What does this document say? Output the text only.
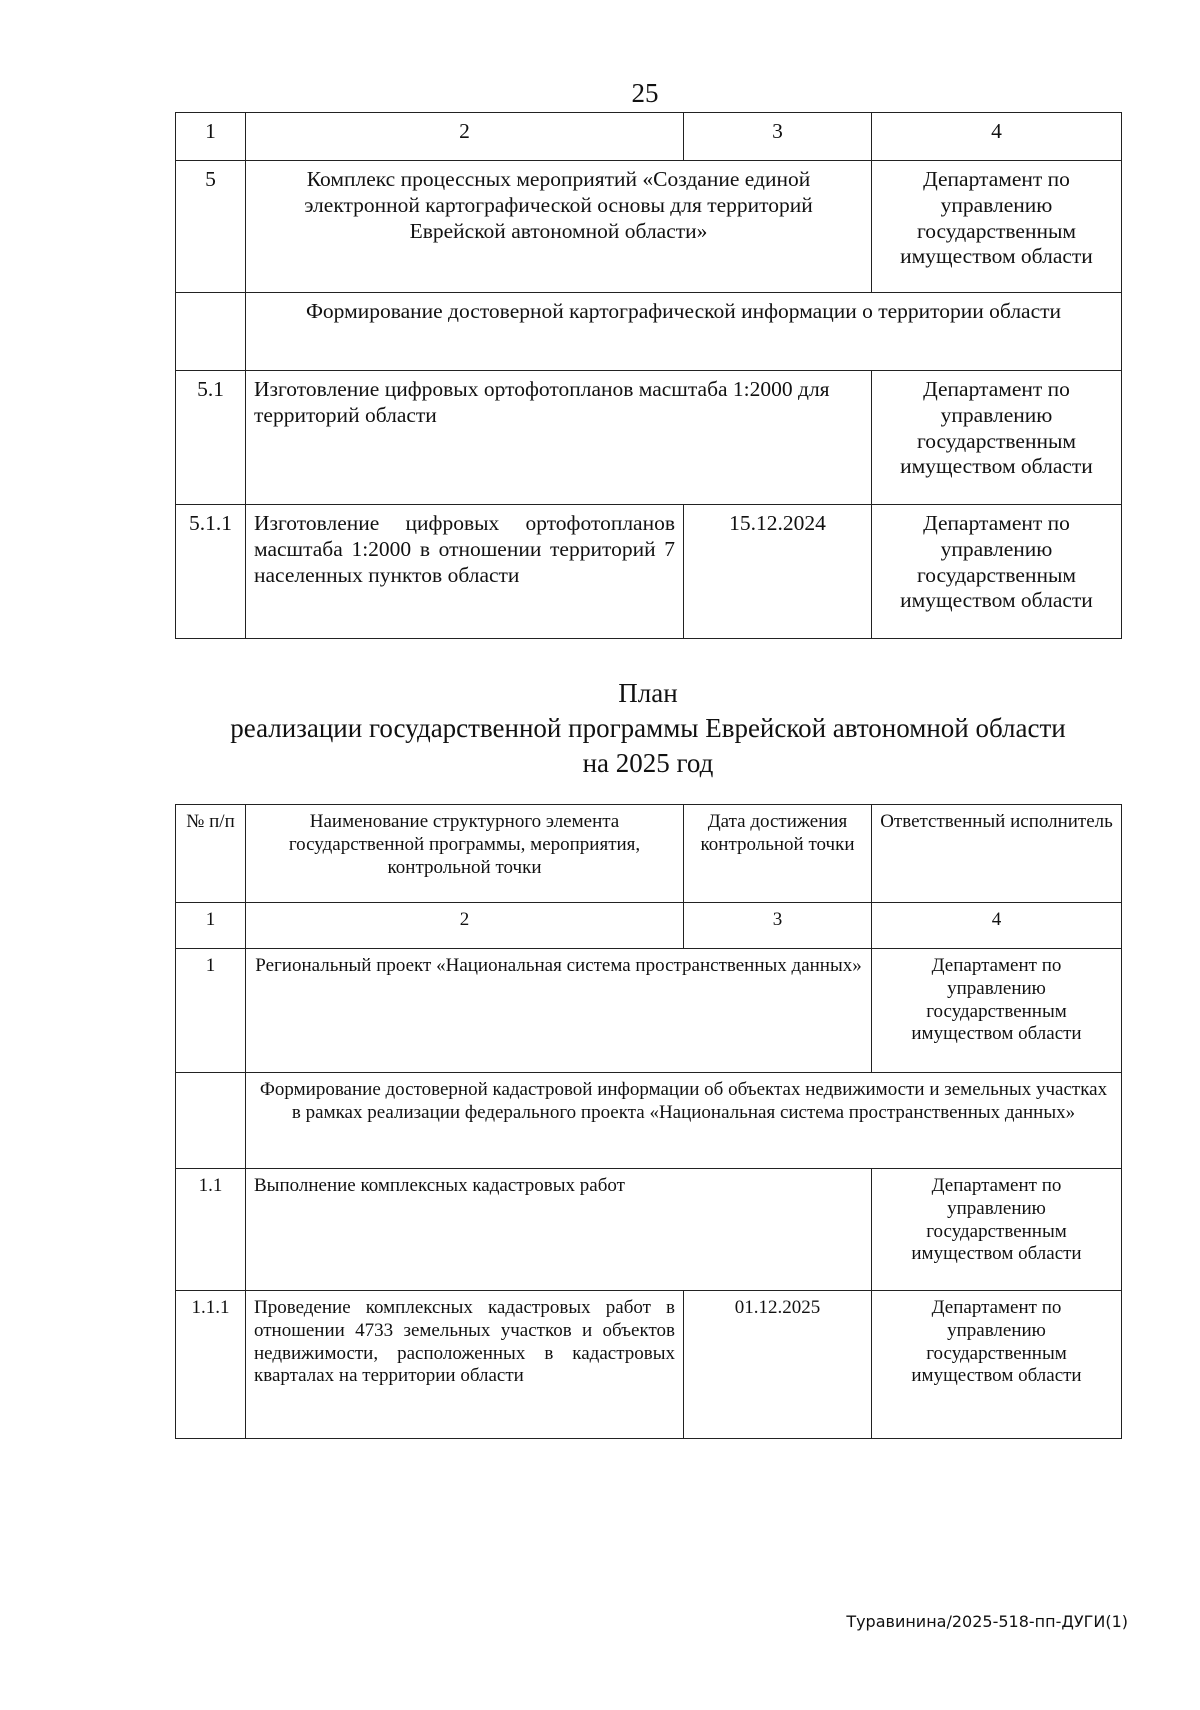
25
1	2	3	4
5	Комплекс процессных мероприятий «Создание единой электронной картографической основы для территорий Еврейской автономной области»		Департамент по управлению государственным имуществом области
	Формирование достоверной картографической информации о территории области		
5.1	Изготовление цифровых ортофотопланов масштаба 1:2000 для территорий области		Департамент по управлению государственным имуществом области
5.1.1	Изготовление цифровых ортофотопланов масштаба 1:2000 в отношении территорий 7 населенных пунктов области	15.12.2024	Департамент по управлению государственным имуществом области
План
реализации государственной программы Еврейской автономной области
на 2025 год
№ п/п	Наименование структурного элемента государственной программы, мероприятия, контрольной точки	Дата достижения контрольной точки	Ответственный исполнитель
1	2	3	4
1	Региональный проект «Национальная система пространственных данных»		Департамент по управлению государственным имуществом области
	Формирование достоверной кадастровой информации об объектах недвижимости и земельных участках в рамках реализации федерального проекта «Национальная система пространственных данных»		
1.1	Выполнение комплексных кадастровых работ		Департамент по управлению государственным имуществом области
1.1.1	Проведение комплексных кадастровых работ в отношении 4733 земельных участков и объектов недвижимости, расположенных в кадастровых кварталах на территории области	01.12.2025	Департамент по управлению государственным имуществом области
Туравинина/2025-518-пп-ДУГИ(1)
